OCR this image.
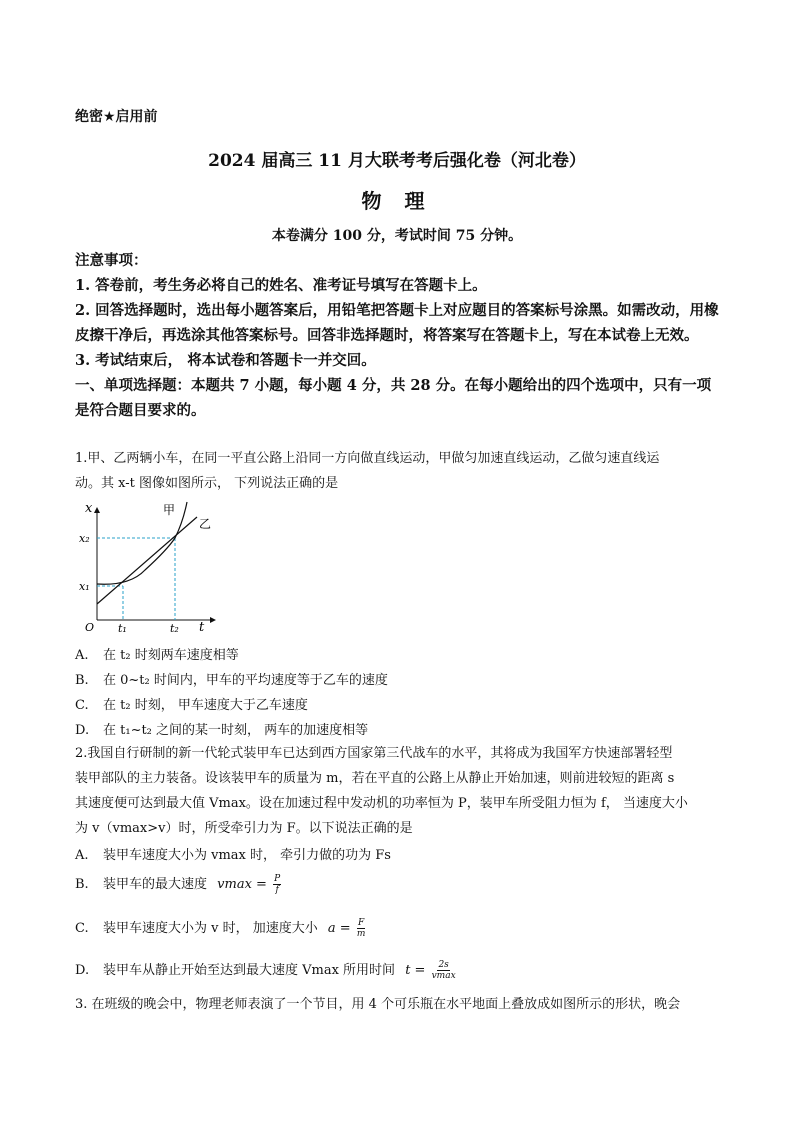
绝密★启用前
2024 届高三 11 月大联考考后强化卷（河北卷）
物 理
本卷满分 100 分，考试时间 75 分钟。

注意事项：

1. 答卷前，考生务必将自己的姓名、准考证号填写在答题卡上。

2. 回答选择题时，选出每小题答案后，用铅笔把答题卡上对应题目的答案标号涂黑。如需改动，用橡皮擦干净后，再选涂其他答案标号。回答非选择题时，将答案写在答题卡上，写在本试卷上无效。

3. 考试结束后， 将本试卷和答题卡一并交回。

一、单项选择题：本题共 7 小题，每小题 4 分，共 28 分。在每小题给出的四个选项中，只有一项是符合题目要求的。

1.甲、乙两辆小车，在同一平直公路上沿同一方向做直线运动，甲做匀加速直线运动，乙做匀速直线运

动。其 x-t 图像如图所示， 下列说法正确的是

x
t
O
x₁
x₂
t₁	t₂
甲
乙
A. 在 t₂ 时刻两车速度相等
B. 在 0~t₂ 时间内，甲车的平均速度等于乙车的速度
C. 在 t₂ 时刻， 甲车速度大于乙车速度
D. 在 t₁~t₂ 之间的某一时刻， 两车的加速度相等

2.我国自行研制的新一代轮式装甲车已达到西方国家第三代战车的水平，其将成为我国军方快速部署轻型

装甲部队的主力装备。设该装甲车的质量为 m，若在平直的公路上从静止开始加速，则前进较短的距离 s

其速度便可达到最大值 Vmax。设在加速过程中发动机的功率恒为 P，装甲车所受阻力恒为 f， 当速度大小

为 v（vmax>v）时，所受牵引力为 F。以下说法正确的是

A. 装甲车速度大小为 vmax 时， 牵引力做的功为 Fs
B. 装甲车的最大速度 $vmax = \frac{P}{f}$
C. 装甲车速度大小为 v 时， 加速度大小 $a = \frac{F}{m}$
D. 装甲车从静止开始至达到最大速度 Vmax 所用时间 $t = \frac{2s}{vmax}$

3. 在班级的晚会中，物理老师表演了一个节目，用 4 个可乐瓶在水平地面上叠放成如图所示的形状，晚会
